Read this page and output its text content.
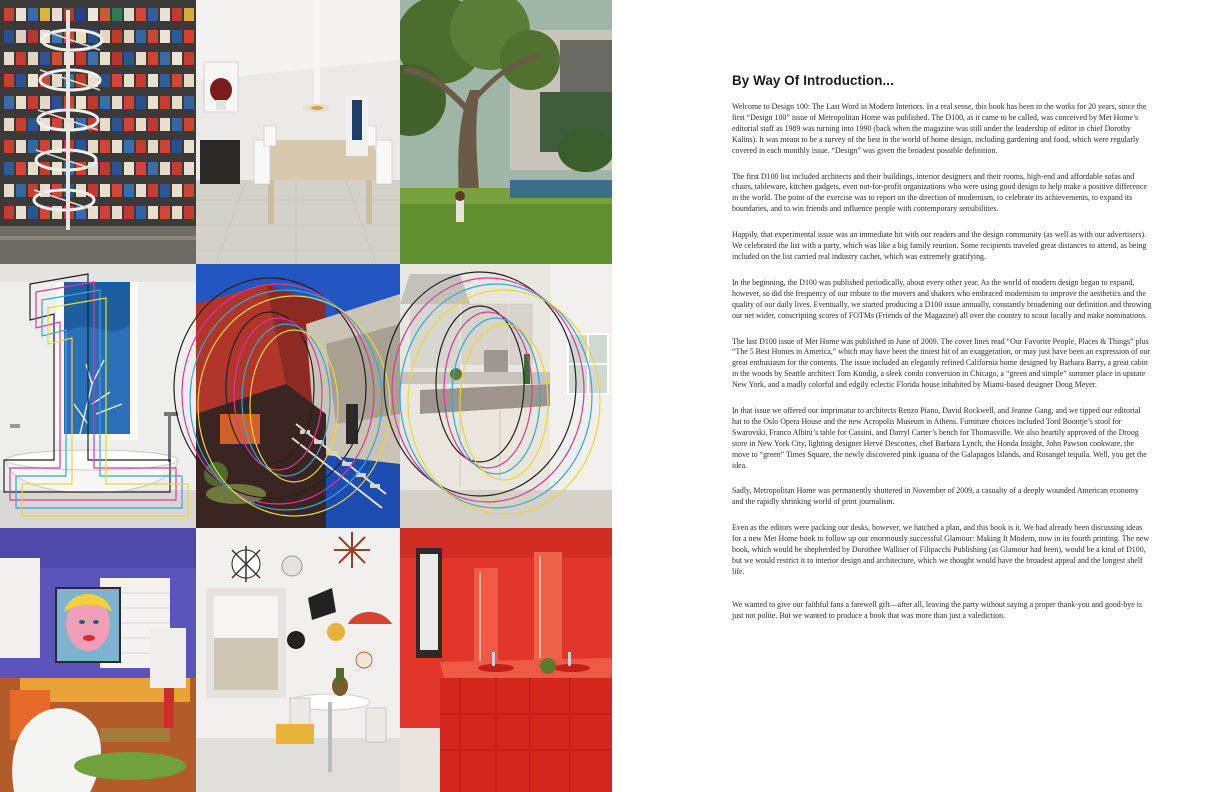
By Way Of Introduction...

Welcome to Design 100: The Last Word in Modern Interiors. In a real sense, this book has been in the works for 20 years, since the first “Design 100” issue of Metropolitan Home was published. The D100, as it came to be called, was conceived by Met Home’s editorial staff as 1989 was turning into 1990 (back when the magazine was still under the leadership of editor in chief Dorothy Kalins). It was meant to be a survey of the best in the world of home design, including gardening and food, which were regularly covered in each monthly issue. “Design” was given the broadest possible definition.

The first D100 list included architects and their buildings, interior designers and their rooms, high-end and affordable sofas and chairs, tableware, kitchen gadgets, even not-for-profit organizations who were using good design to help make a positive difference in the world. The point of the exercise was to report on the direction of modernism, to celebrate its achievements, to expand its boundaries, and to win friends and influence people with contemporary sensibilities.

Happily, that experimental issue was an immediate hit with our readers and the design community (as well as with our advertisers). We celebrated the list with a party, which was like a big family reunion. Some recipients traveled great distances to attend, as being included on the list carried real industry cachet, which was extremely gratifying.

In the beginning, the D100 was published periodically, about every other year. As the world of modern design began to expand, however, so did the frequency of our tribute to the movers and shakers who embraced modernism to improve the aesthetics and the quality of our daily lives. Eventually, we started producing a D100 issue annually, constantly broadening our definition and throwing our net wider, conscripting scores of FOTMs (Friends of the Magazine) all over the country to scout locally and make nominations.

The last D100 issue of Met Home was published in June of 2009. The cover lines read “Our Favorite People, Places & Things” plus “The 5 Best Homes in America,” which may have been the tiniest bit of an exaggeration, or may just have been an expression of our great enthusiasm for the contents. The issue included an elegantly refined California home designed by Barbara Barry, a great cabin in the woods by Seattle architect Tom Kundig, a sleek condo conversion in Chicago, a “green and simple” summer place in upstate New York, and a madly colorful and edgily eclectic Florida house inhabited by Miami-based designer Doug Meyer.

In that issue we offered our imprimatur to architects Renzo Piano, David Rockwell, and Jeanne Gang, and we tipped our editorial hat to the Oslo Opera House and the new Acropolis Museum in Athens. Furniture choices included Tord Boontje’s stool for Swarovski, Franco Albini’s table for Cassini, and Darryl Carter’s bench for Thomasville. We also heartily approved of the Droog store in New York City, lighting designer Hervé Descottes, chef Barbara Lynch, the Honda Insight, John Pawson cookware, the move to “green” Times Square, the newly discovered pink iguana of the Galapagos Islands, and Rosangel tequila. Well, you get the idea.

Sadly, Metropolitan Home was permanently shuttered in November of 2009, a casualty of a deeply wounded American economy and the rapidly shrinking world of print journalism.

Even as the editors were packing our desks, however, we hatched a plan, and this book is it. We had already been discussing ideas for a new Met Home book to follow up our enormously successful Glamour: Making It Modern, now in its fourth printing. The new book, which would be shepherded by Dorothee Walliser of Filipacchi Publishing (as Glamour had been), would be a kind of D100, but we would restrict it to interior design and architecture, which we thought would have the broadest appeal and the longest shelf life.

We wanted to give our faithful fans a farewell gift—after all, leaving the party without saying a proper thank-you and good-bye is just not polite. But we wanted to produce a book that was more than just a valediction.
